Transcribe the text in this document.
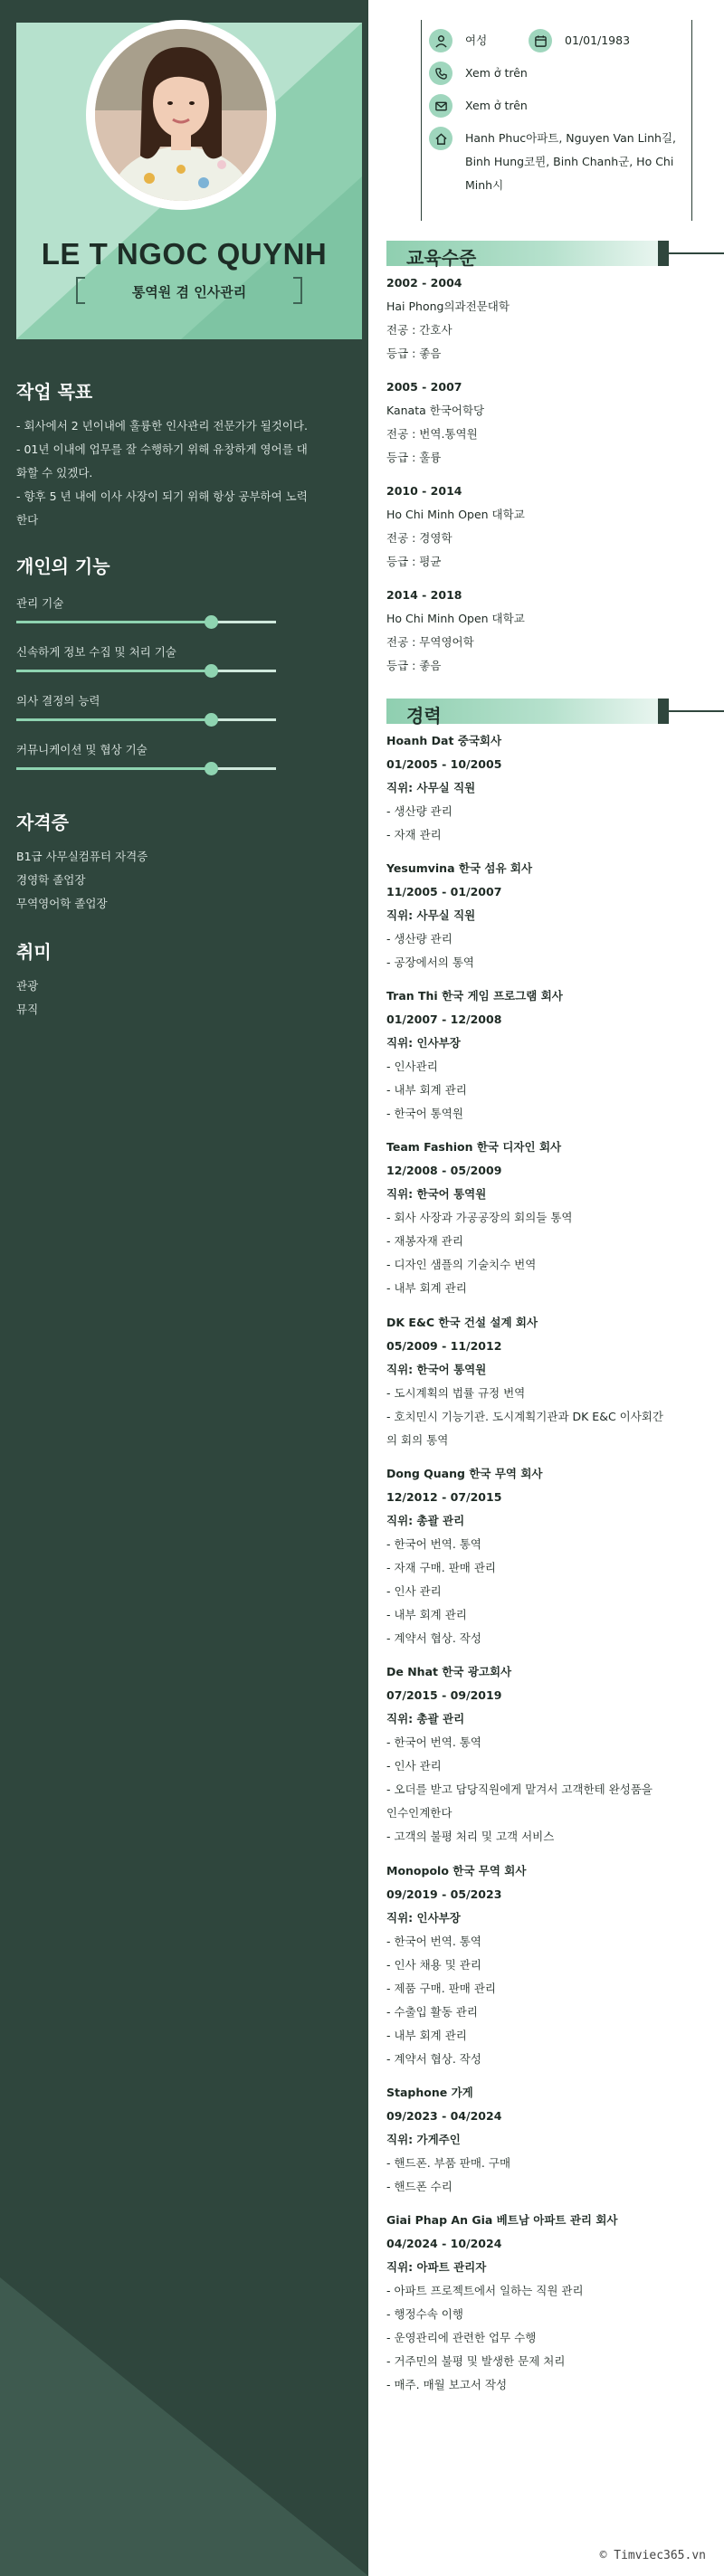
LE T NGOC QUYNH
통역원 겸 인사관리
작업 목표

- 회사에서 2 년이내에 훌륭한 인사관리 전문가가 될것이다.

- 01년 이내에 업무를 잘 수행하기 위해 유창하게 영어를 대

화할 수 있겠다.

- 향후 5 년 내에 이사 사장이 되기 위해 항상 공부하여 노력

한다

개인의 기능
관리 기술
신속하게 정보 수집 및 처리 기술
의사 결정의 능력
커뮤니케이션 및 협상 기술
자격증

B1급 사무실컴퓨터 자격증

경영학 졸업장

무역영어학 졸업장

취미

관광

뮤직

여성	01/01/1983
Xem ở trên
Xem ở trên
Hanh Phuc아파트, Nguyen Van Linh길,
Binh Hung코뮌, Binh Chanh군, Ho Chi
Minh시
교육수준
2002 - 2004
Hai Phong의과전문대학
전공 : 간호사
등급 : 좋음
2005 - 2007
Kanata 한국어학당
전공 : 번역.통역원
등급 : 훌륭
2010 - 2014
Ho Chi Minh Open 대학교
전공 : 경영학
등급 : 평균
2014 - 2018
Ho Chi Minh Open 대학교
전공 : 무역영어학
등급 : 좋음
경력
Hoanh Dat 중국회사
01/2005 - 10/2005
직위: 사무실 직원
- 생산량 관리
- 자재 관리
Yesumvina 한국 섬유 회사
11/2005 - 01/2007
직위: 사무실 직원
- 생산량 관리
- 공장에서의 통역
Tran Thi 한국 게임 프로그램 회사
01/2007 - 12/2008
직위: 인사부장
- 인사관리
- 내부 회계 관리
- 한국어 통역원
Team Fashion 한국 디자인 회사
12/2008 - 05/2009
직위: 한국어 통역원
- 회사 사장과 가공공장의 회의들 통역
- 재봉자재 관리
- 디자인 샘플의 기술치수 번역
- 내부 회계 관리
DK E&C 한국 건설 설계 회사
05/2009 - 11/2012
직위: 한국어 통역원
- 도시계획의 법률 규정 번역
- 호치민시 기능기관. 도시계획기관과 DK E&C 이사회간
의 회의 통역
Dong Quang 한국 무역 회사
12/2012 - 07/2015
직위: 총괄 관리
- 한국어 번역. 통역
- 자재 구매. 판매 관리
- 인사 관리
- 내부 회계 관리
- 계약서 협상. 작성
De Nhat 한국 광고회사
07/2015 - 09/2019
직위: 총괄 관리
- 한국어 번역. 통역
- 인사 관리
- 오더를 받고 담당직원에게 맡겨서 고객한테 완성품을
인수인계한다
- 고객의 불평 처리 및 고객 서비스
Monopolo 한국 무역 회사
09/2019 - 05/2023
직위: 인사부장
- 한국어 번역. 통역
- 인사 채용 및 관리
- 제품 구매. 판매 관리
- 수출입 활동 관리
- 내부 회계 관리
- 계약서 협상. 작성
Staphone 가게
09/2023 - 04/2024
직위: 가게주인
- 핸드폰. 부품 판매. 구매
- 핸드폰 수리
Giai Phap An Gia 베트남 아파트 관리 회사
04/2024 - 10/2024
직위: 아파트 관리자
- 아파트 프로젝트에서 일하는 직원 관리
- 행정수속 이행
- 운영관리에 관련한 업무 수행
- 거주민의 불평 및 발생한 문제 처리
- 매주. 매월 보고서 작성
© Timviec365.vn
